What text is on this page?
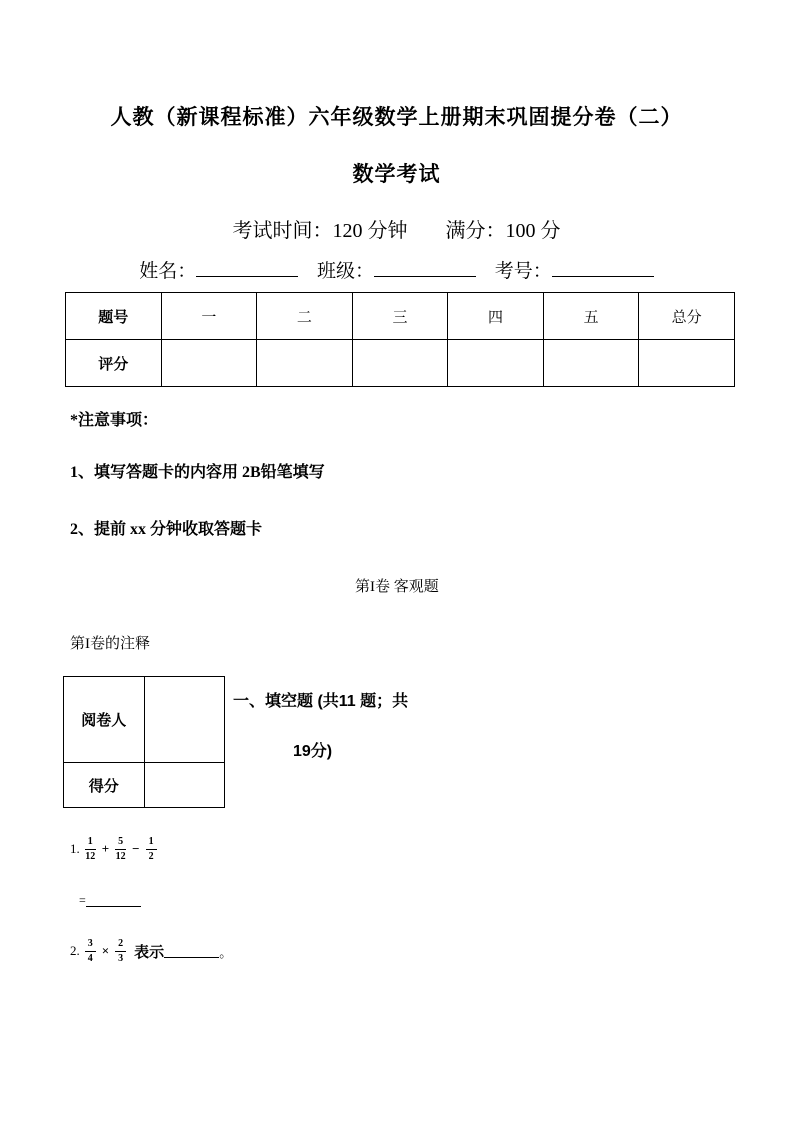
人教（新课程标准）六年级数学上册期末巩固提分卷（二）
数学考试
考试时间：120 分钟 满分：100 分
姓名：	班级：	考号：
题号	一	二	三	四	五	总分
评分						
*注意事项：
1、填写答题卡的内容用 2B铅笔填写
2、提前 xx 分钟收取答题卡
第I卷 客观题
第I卷的注释
阅卷人	
得分	
一、填空题 (共11 题；共
19分)
1. $\frac{1}{12} + \frac{5}{12} - \frac{1}{2}$
=
2. $\frac{3}{4} \times \frac{2}{3}$ 表示	。
